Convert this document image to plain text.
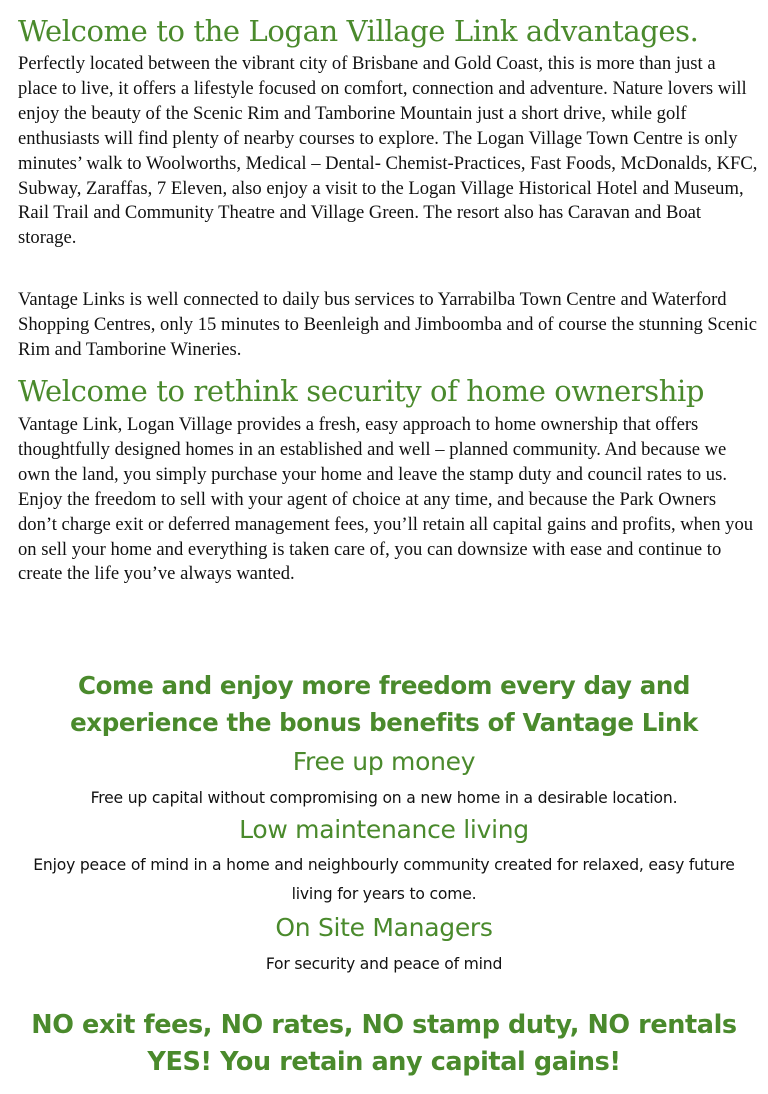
Welcome to the Logan Village Link advantages.

Perfectly located between the vibrant city of Brisbane and Gold Coast, this is more than just a place to live, it offers a lifestyle focused on comfort, connection and adventure. Nature lovers will enjoy the beauty of the Scenic Rim and Tamborine Mountain just a short drive, while golf enthusiasts will find plenty of nearby courses to explore. The Logan Village Town Centre is only minutes’ walk to Woolworths, Medical – Dental- Chemist-Practices, Fast Foods, McDonalds, KFC, Subway, Zaraffas, 7 Eleven, also enjoy a visit to the Logan Village Historical Hotel and Museum, Rail Trail and Community Theatre and Village Green. The resort also has Caravan and Boat storage.

Vantage Links is well connected to daily bus services to Yarrabilba Town Centre and Waterford Shopping Centres, only 15 minutes to Beenleigh and Jimboomba and of course the stunning Scenic Rim and Tamborine Wineries.

Welcome to rethink security of home ownership

Vantage Link, Logan Village provides a fresh, easy approach to home ownership that offers thoughtfully designed homes in an established and well – planned community. And because we own the land, you simply purchase your home and leave the stamp duty and council rates to us. Enjoy the freedom to sell with your agent of choice at any time, and because the Park Owners don’t charge exit or deferred management fees, you’ll retain all capital gains and profits, when you on sell your home and everything is taken care of, you can downsize with ease and continue to create the life you’ve always wanted.

Come and enjoy more freedom every day and
experience the bonus benefits of Vantage Link
Free up money
Free up capital without compromising on a new home in a desirable location.
Low maintenance living
Enjoy peace of mind in a home and neighbourly community created for relaxed, easy future living for years to come.
On Site Managers
For security and peace of mind
NO exit fees, NO rates, NO stamp duty, NO rentals
YES! You retain any capital gains!
